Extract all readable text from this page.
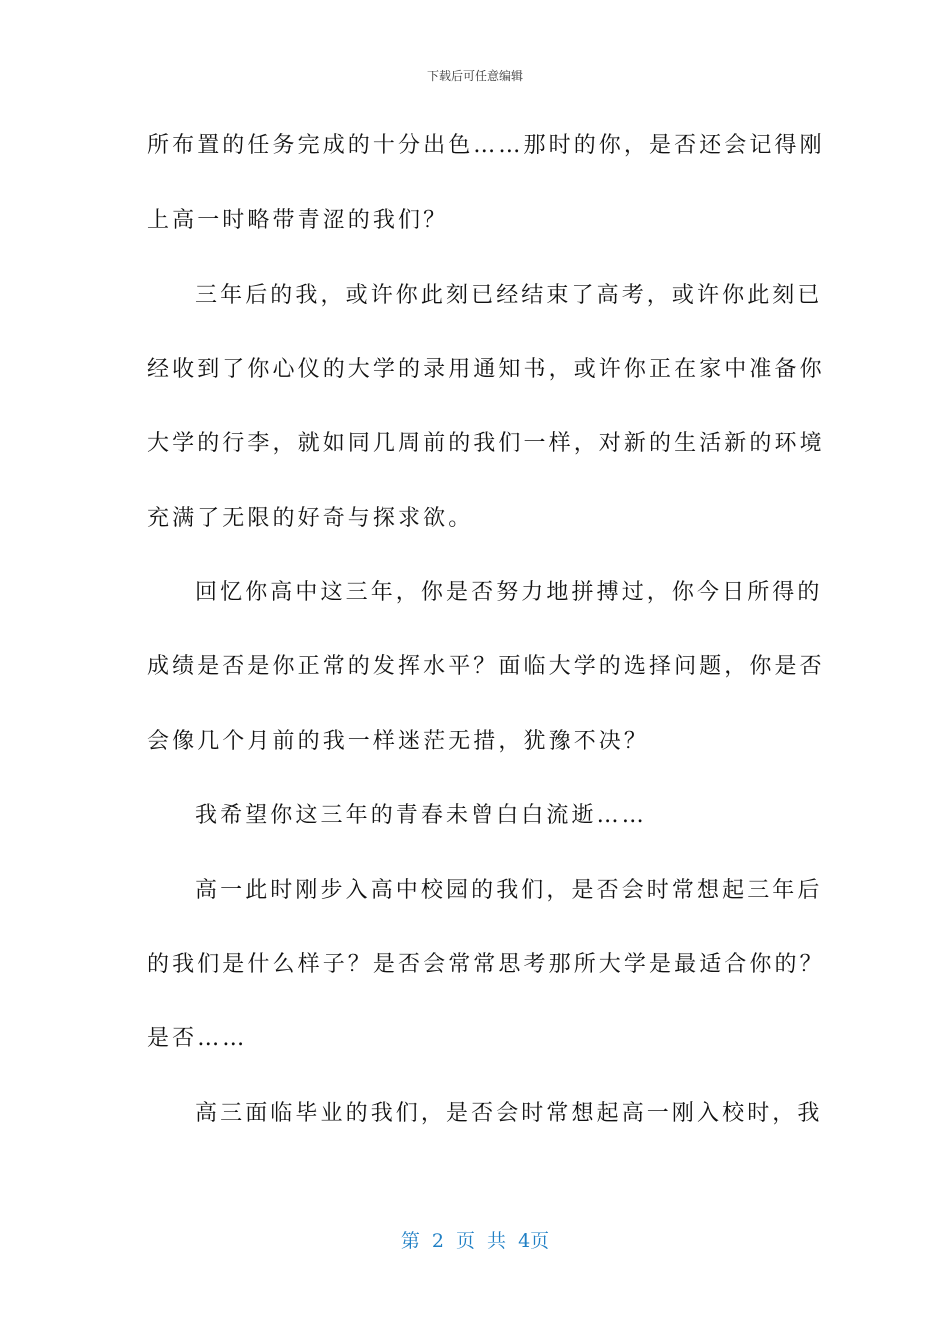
下载后可任意编辑
所布置的任务完成的十分出色……那时的你，是否还会记得刚
上高一时略带青涩的我们？
三年后的我，或许你此刻已经结束了高考，或许你此刻已
经收到了你心仪的大学的录用通知书，或许你正在家中准备你
大学的行李，就如同几周前的我们一样，对新的生活新的环境
充满了无限的好奇与探求欲。
回忆你高中这三年，你是否努力地拼搏过，你今日所得的
成绩是否是你正常的发挥水平？面临大学的选择问题，你是否
会像几个月前的我一样迷茫无措，犹豫不决？
我希望你这三年的青春未曾白白流逝……
高一此时刚步入高中校园的我们，是否会时常想起三年后
的我们是什么样子？是否会常常思考那所大学是最适合你的？
是否……
高三面临毕业的我们，是否会时常想起高一刚入校时，我
第 2 页 共 4页
